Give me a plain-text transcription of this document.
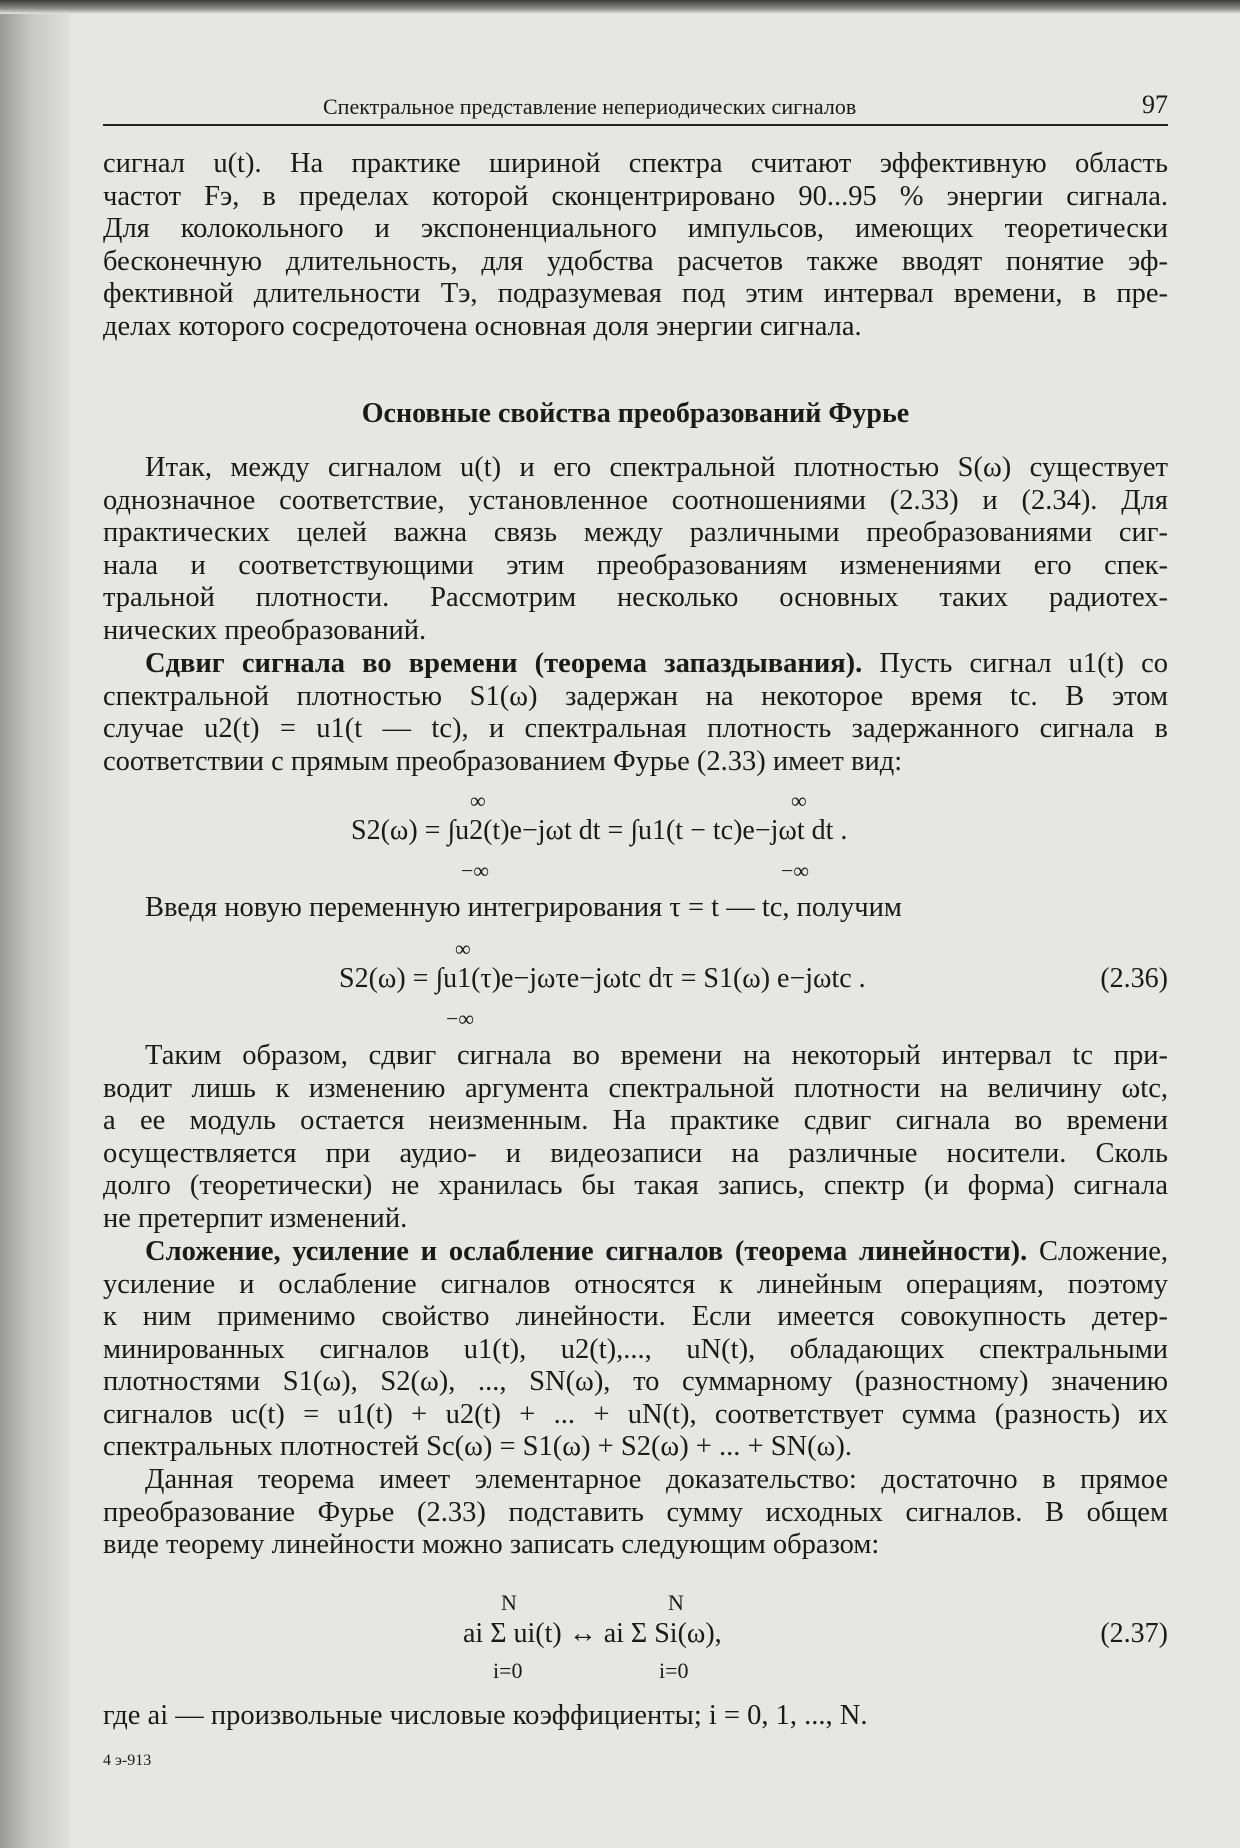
Спектральное представление непериодических сигналов	97
сигнал u(t). На практике шириной спектра считают эффективную область
частот Fэ, в пределах которой сконцентрировано 90...95 % энергии сигнала.
Для колокольного и экспоненциального импульсов, имеющих теоретически
бесконечную длительность, для удобства расчетов также вводят понятие эф-
фективной длительности Tэ, подразумевая под этим интервал времени, в пре-
делах которого сосредоточена основная доля энергии сигнала.
Основные свойства преобразований Фурье
Итак, между сигналом u(t) и его спектральной плотностью S(ω) существует
однозначное соответствие, установленное соотношениями (2.33) и (2.34). Для
практических целей важна связь между различными преобразованиями сиг-
нала и соответствующими этим преобразованиям изменениями его спек-
тральной плотности. Рассмотрим несколько основных таких радиотех-
нических преобразований.
Сдвиг сигнала во времени (теорема запаздывания). Пусть сигнал u1(t) со
спектральной плотностью S1(ω) задержан на некоторое время tc. В этом
случае u2(t) = u1(t — tc), и спектральная плотность задержанного сигнала в
соответствии с прямым преобразованием Фурье (2.33) имеет вид:
∞	∞
S2(ω) = ∫u2(t)e−jωt dt = ∫u1(t − tc)e−jωt dt .
−∞	−∞
Введя новую переменную интегрирования τ = t — tc, получим
∞
S2(ω) = ∫u1(τ)e−jωτe−jωtc dτ = S1(ω) e−jωtc .
−∞
(2.36)
Таким образом, сдвиг сигнала во времени на некоторый интервал tc при-
водит лишь к изменению аргумента спектральной плотности на величину ωtc,
а ее модуль остается неизменным. На практике сдвиг сигнала во времени
осуществляется при аудио- и видеозаписи на различные носители. Сколь
долго (теоретически) не хранилась бы такая запись, спектр (и форма) сигнала
не претерпит изменений.
Сложение, усиление и ослабление сигналов (теорема линейности). Сложение,
усиление и ослабление сигналов относятся к линейным операциям, поэтому
к ним применимо свойство линейности. Если имеется совокупность детер-
минированных сигналов u1(t), u2(t),..., uN(t), обладающих спектральными
плотностями S1(ω), S2(ω), ..., SN(ω), то суммарному (разностному) значению
сигналов uc(t) = u1(t) + u2(t) + ... + uN(t), соответствует сумма (разность) их
спектральных плотностей Sc(ω) = S1(ω) + S2(ω) + ... + SN(ω).
Данная теорема имеет элементарное доказательство: достаточно в прямое
преобразование Фурье (2.33) подставить сумму исходных сигналов. В общем
виде теорему линейности можно записать следующим образом:
N	N
ai Σ ui(t) ↔ ai Σ Si(ω),
i=0	i=0
(2.37)
где ai — произвольные числовые коэффициенты; i = 0, 1, ..., N.
4 э-913
